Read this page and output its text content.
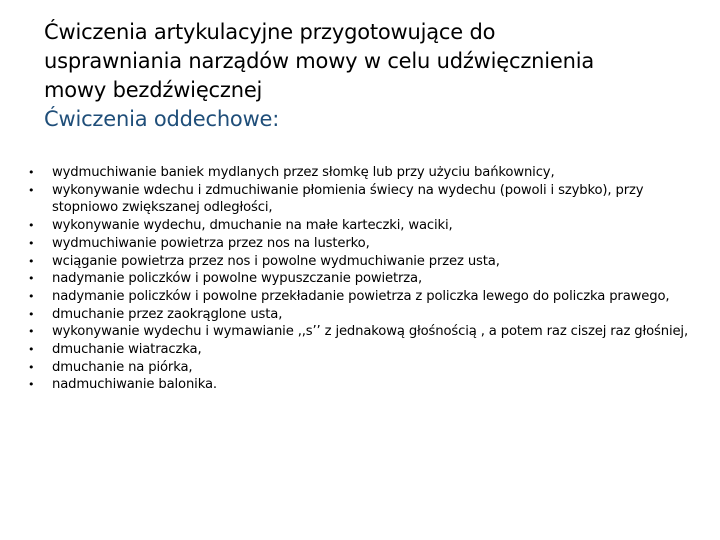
Ćwiczenia artykulacyjne przygotowujące do
usprawniania narządów mowy w celu udźwięcznienia
mowy bezdźwięcznej
Ćwiczenia oddechowe:
• wydmuchiwanie baniek mydlanych przez słomkę lub przy użyciu bańkownicy,
• wykonywanie wdechu i zdmuchiwanie płomienia świecy na wydechu (powoli i szybko), przy stopniowo zwiększanej odległości,
• wykonywanie wydechu, dmuchanie na małe karteczki, waciki,
• wydmuchiwanie powietrza przez nos na lusterko,
• wciąganie powietrza przez nos i powolne wydmuchiwanie przez usta,
• nadymanie policzków i powolne wypuszczanie powietrza,
• nadymanie policzków i powolne przekładanie powietrza z policzka lewego do policzka prawego,
• dmuchanie przez zaokrąglone usta,
• wykonywanie wydechu i wymawianie ,,s’’ z jednakową głośnością , a potem raz ciszej raz głośniej,
• dmuchanie wiatraczka,
• dmuchanie na piórka,
• nadmuchiwanie balonika.
